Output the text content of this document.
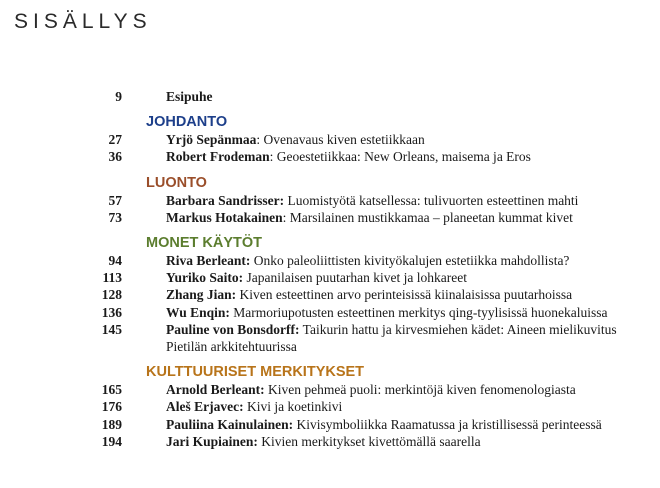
SISÄLLYS
9	Esipuhe
JOHDANTO
27	Yrjö Sepänmaa: Ovenavaus kiven estetiikkaan
36	Robert Frodeman: Geoestetiikkaa: New Orleans, maisema ja Eros
LUONTO
57	Barbara Sandrisser: Luomistyötä katsellessa: tulivuorten esteettinen mahti
73	Markus Hotakainen: Marsilainen mustikkamaa – planeetan kummat kivet
MONET KÄYTÖT
94	Riva Berleant: Onko paleoliittisten kivityökalujen estetiikka mahdollista?
113	Yuriko Saito: Japanilaisen puutarhan kivet ja lohkareet
128	Zhang Jian: Kiven esteettinen arvo perinteisissä kiinalaisissa puutarhoissa
136	Wu Enqin: Marmoriupotusten esteettinen merkitys qing-tyylisissä huonekaluissa
145	Pauline von Bonsdorff: Taikurin hattu ja kirvesmiehen kädet: Aineen mielikuvitus Pietilän arkkitehtuurissa
KULTTUURISET MERKITYKSET
165	Arnold Berleant: Kiven pehmeä puoli: merkintöjä kiven fenomenologiasta
176	Aleš Erjavec: Kivi ja koetinkivi
189	Pauliina Kainulainen: Kivisymboliikka Raamatussa ja kristillisessä perinteessä
194	Jari Kupiainen: Kivien merkitykset kivettömällä saarella
